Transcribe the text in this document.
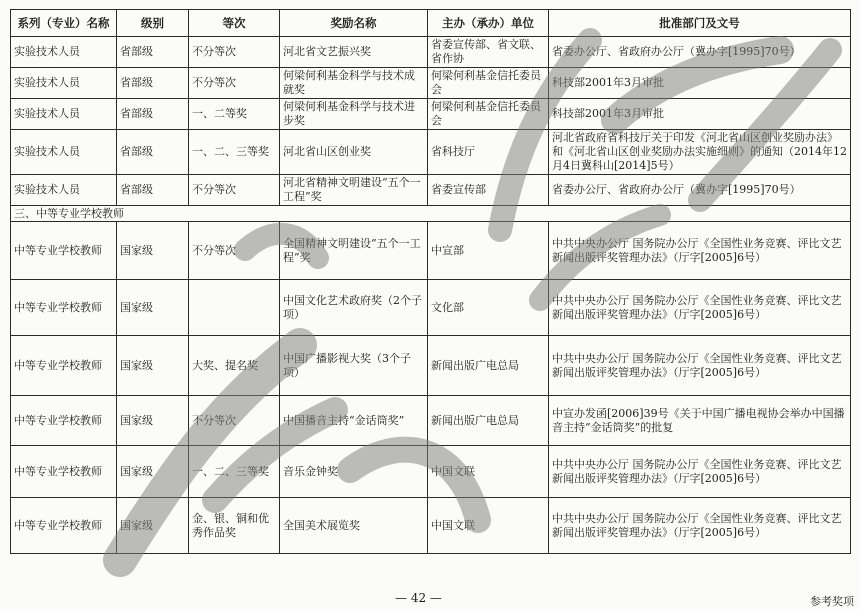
系列（专业）名称	级别	等次	奖励名称	主办（承办）单位	批准部门及文号
实验技术人员	省部级	不分等次	河北省文艺振兴奖	省委宣传部、省文联、省作协	省委办公厅、省政府办公厅（冀办字[1995]70号）
实验技术人员	省部级	不分等次	何梁何利基金科学与技术成就奖	何梁何利基金信托委员会	科技部2001年3月审批
实验技术人员	省部级	一、二等奖	何梁何利基金科学与技术进步奖	何梁何利基金信托委员会	科技部2001年3月审批
实验技术人员	省部级	一、二、三等奖	河北省山区创业奖	省科技厅	河北省政府省科技厅关于印发《河北省山区创业奖励办法》和《河北省山区创业奖励办法实施细则》的通知（2014年12月4日冀科山[2014]5号）
实验技术人员	省部级	不分等次	河北省精神文明建设“五个一工程”奖	省委宣传部	省委办公厅、省政府办公厅（冀办字[1995]70号）
三、中等专业学校教师					
中等专业学校教师	国家级	不分等次	全国精神文明建设“五个一工程”奖	中宣部	中共中央办公厅 国务院办公厅《全国性业务竞赛、评比文艺新闻出版评奖管理办法》（厅字[2005]6号）
中等专业学校教师	国家级		中国文化艺术政府奖（2个子项）	文化部	中共中央办公厅 国务院办公厅《全国性业务竞赛、评比文艺新闻出版评奖管理办法》（厅字[2005]6号）
中等专业学校教师	国家级	大奖、提名奖	中国广播影视大奖（3个子项）	新闻出版广电总局	中共中央办公厅 国务院办公厅《全国性业务竞赛、评比文艺新闻出版评奖管理办法》（厅字[2005]6号）
中等专业学校教师	国家级	不分等次	中国播音主持“金话筒奖”	新闻出版广电总局	中宣办发函[2006]39号《关于中国广播电视协会举办中国播音主持“金话筒奖”的批复
中等专业学校教师	国家级	一、二、三等奖	音乐金钟奖	中国文联	中共中央办公厅 国务院办公厅《全国性业务竞赛、评比文艺新闻出版评奖管理办法》（厅字[2005]6号）
中等专业学校教师	国家级	金、银、铜和优秀作品奖	全国美术展览奖	中国文联	中共中央办公厅 国务院办公厅《全国性业务竞赛、评比文艺新闻出版评奖管理办法》（厅字[2005]6号）
— 42 —	参考奖项
